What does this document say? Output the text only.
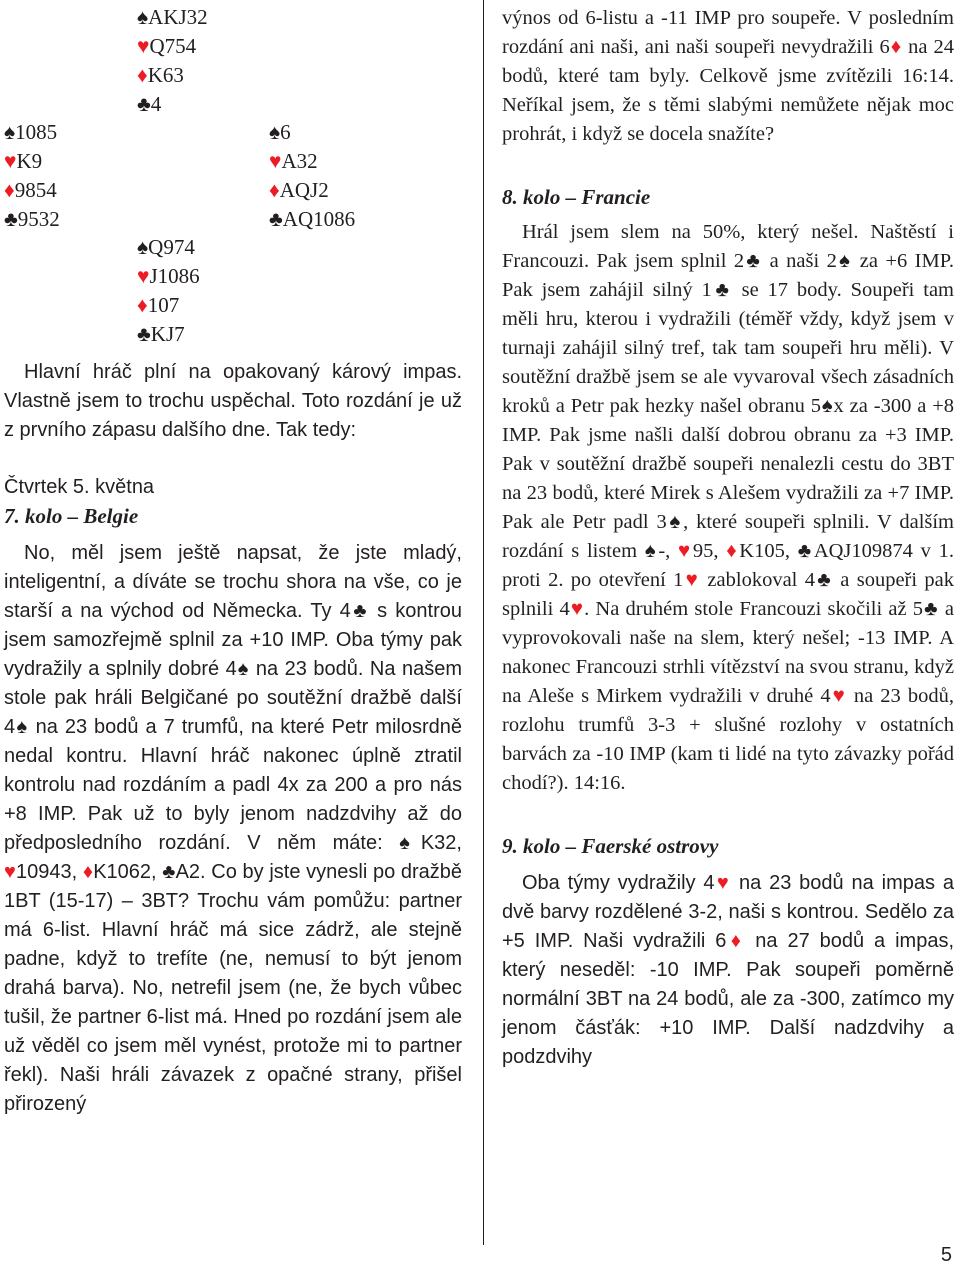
♠AKJ32
♥Q754
♦K63
♣4
♠1085
♥K9
♦9854
♣9532
♠6
♥A32
♦AQJ2
♣AQ1086
♠Q974
♥J1086
♦107
♣KJ7

Hlavní hráč plní na opakovaný kárový impas. Vlastně jsem to trochu uspěchal. Toto rozdání je už z prvního zápasu dalšího dne. Tak tedy:

Čtvrtek 5. května

7. kolo – Belgie

No, měl jsem ještě napsat, že jste mladý, inteligentní, a díváte se trochu shora na vše, co je starší a na východ od Německa. Ty 4♣ s kontrou jsem samozřejmě splnil za +10 IMP. Oba týmy pak vydražily a splnily dobré 4♠ na 23 bodů. Na našem stole pak hráli Belgičané po soutěžní dražbě další 4♠ na 23 bodů a 7 trumfů, na které Petr milosrdně nedal kontru. Hlavní hráč nakonec úplně ztratil kontrolu nad rozdáním a padl 4x za 200 a pro nás +8 IMP. Pak už to byly jenom nadzdvihy až do předposledního rozdání. V něm máte: ♠K32, ♥10943, ♦K1062, ♣A2. Co by jste vynesli po dražbě 1BT (15-17) – 3BT? Trochu vám pomůžu: partner má 6-list. Hlavní hráč má sice zádrž, ale stejně padne, když to trefíte (ne, nemusí to být jenom drahá barva). No, netrefil jsem (ne, že bych vůbec tušil, že partner 6-list má. Hned po rozdání jsem ale už věděl co jsem měl vynést, protože mi to partner řekl). Naši hráli závazek z opačné strany, přišel přirozený

výnos od 6-listu a -11 IMP pro soupeře. V posledním rozdání ani naši, ani naši soupeři nevydražili 6♦ na 24 bodů, které tam byly. Celkově jsme zvítězili 16:14. Neříkal jsem, že s těmi slabými nemůžete nějak moc prohrát, i když se docela snažíte?

8. kolo – Francie

Hrál jsem slem na 50%, který nešel. Naštěstí i Francouzi. Pak jsem splnil 2♣ a naši 2♠ za +6 IMP. Pak jsem zahájil silný 1♣ se 17 body. Soupeři tam měli hru, kterou i vydražili (téměř vždy, když jsem v turnaji zahájil silný tref, tak tam soupeři hru měli). V soutěžní dražbě jsem se ale vyvaroval všech zásadních kroků a Petr pak hezky našel obranu 5♠x za -300 a +8 IMP. Pak jsme našli další dobrou obranu za +3 IMP. Pak v soutěžní dražbě soupeři nenalezli cestu do 3BT na 23 bodů, které Mirek s Alešem vydražili za +7 IMP. Pak ale Petr padl 3♠, které soupeři splnili. V dalším rozdání s listem ♠-, ♥95, ♦K105, ♣AQJ109874 v 1. proti 2. po otevření 1♥ zablokoval 4♣ a soupeři pak splnili 4♥. Na druhém stole Francouzi skočili až 5♣ a vyprovokovali naše na slem, který nešel; -13 IMP. A nakonec Francouzi strhli vítězství na svou stranu, když na Aleše s Mirkem vydražili v druhé 4♥ na 23 bodů, rozlohu trumfů 3-3 + slušné rozlohy v ostatních barvách za -10 IMP (kam ti lidé na tyto závazky pořád chodí?). 14:16.

9. kolo – Faerské ostrovy

Oba týmy vydražily 4♥ na 23 bodů na impas a dvě barvy rozdělené 3-2, naši s kontrou. Sedělo za +5 IMP. Naši vydražili 6♦ na 27 bodů a impas, který neseděl: -10 IMP. Pak soupeři poměrně normální 3BT na 24 bodů, ale za -300, zatímco my jenom čásťák: +10 IMP. Další nadzdvihy a podzdvihy

5
